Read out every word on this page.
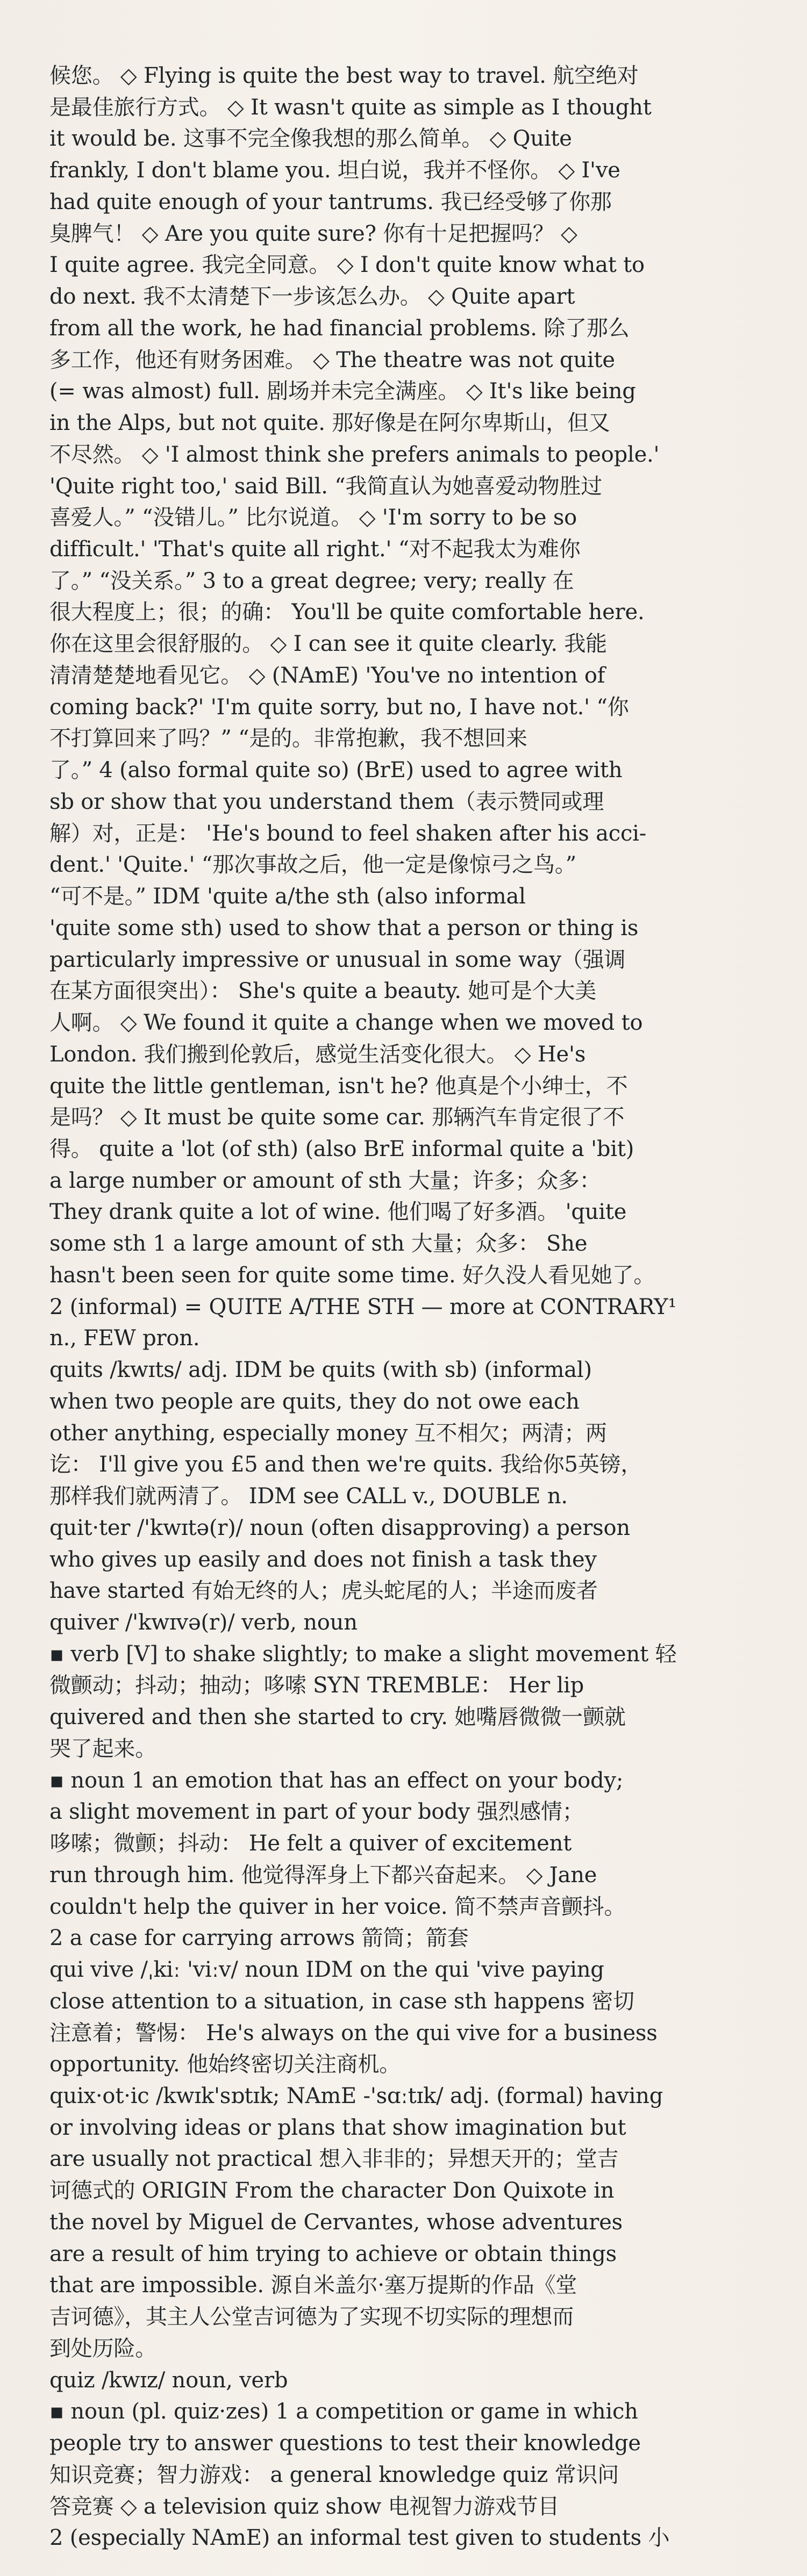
候您。 ◇ Flying is quite the best way to travel. 航空绝对
是最佳旅行方式。 ◇ It wasn't quite as simple as I thought
it would be. 这事不完全像我想的那么简单。 ◇ Quite
frankly, I don't blame you. 坦白说，我并不怪你。 ◇ I've
had quite enough of your tantrums. 我已经受够了你那
臭脾气！ ◇ Are you quite sure? 你有十足把握吗？ ◇
I quite agree. 我完全同意。 ◇ I don't quite know what to
do next. 我不太清楚下一步该怎么办。 ◇ Quite apart
from all the work, he had financial problems. 除了那么
多工作，他还有财务困难。 ◇ The theatre was not quite
(= was almost) full. 剧场并未完全满座。 ◇ It's like being
in the Alps, but not quite. 那好像是在阿尔卑斯山，但又
不尽然。 ◇ 'I almost think she prefers animals to people.'
'Quite right too,' said Bill. “我简直认为她喜爱动物胜过
喜爱人。” “没错儿。” 比尔说道。 ◇ 'I'm sorry to be so
difficult.' 'That's quite all right.' “对不起我太为难你
了。” “没关系。” 3 to a great degree; very; really 在
很大程度上；很；的确： You'll be quite comfortable here.
你在这里会很舒服的。 ◇ I can see it quite clearly. 我能
清清楚楚地看见它。 ◇ (NAmE) 'You've no intention of
coming back?' 'I'm quite sorry, but no, I have not.' “你
不打算回来了吗？” “是的。非常抱歉，我不想回来
了。” 4 (also formal quite so) (BrE) used to agree with
sb or show that you understand them（表示赞同或理
解）对，正是： 'He's bound to feel shaken after his acci-
dent.' 'Quite.' “那次事故之后，他一定是像惊弓之鸟。”
“可不是。” IDM 'quite a/the sth (also informal
'quite some sth) used to show that a person or thing is
particularly impressive or unusual in some way（强调
在某方面很突出）： She's quite a beauty. 她可是个大美
人啊。 ◇ We found it quite a change when we moved to
London. 我们搬到伦敦后，感觉生活变化很大。 ◇ He's
quite the little gentleman, isn't he? 他真是个小绅士，不
是吗？ ◇ It must be quite some car. 那辆汽车肯定很了不
得。 quite a 'lot (of sth) (also BrE informal quite a 'bit)
a large number or amount of sth 大量；许多；众多：
They drank quite a lot of wine. 他们喝了好多酒。 'quite
some sth 1 a large amount of sth 大量；众多： She
hasn't been seen for quite some time. 好久没人看见她了。
2 (informal) = QUITE A/THE STH — more at CONTRARY¹
n., FEW pron.
quits /kwɪts/ adj. IDM be quits (with sb) (informal)
when two people are quits, they do not owe each
other anything, especially money 互不相欠；两清；两
讫： I'll give you £5 and then we're quits. 我给你5英镑，
那样我们就两清了。 IDM see CALL v., DOUBLE n.
quit·ter /'kwɪtə(r)/ noun (often disapproving) a person
who gives up easily and does not finish a task they
have started 有始无终的人；虎头蛇尾的人；半途而废者
quiver /'kwɪvə(r)/ verb, noun
▪ verb [V] to shake slightly; to make a slight movement 轻
微颤动；抖动；抽动；哆嗦 SYN TREMBLE： Her lip
quivered and then she started to cry. 她嘴唇微微一颤就
哭了起来。
▪ noun 1 an emotion that has an effect on your body;
a slight movement in part of your body 强烈感情；
哆嗦；微颤；抖动： He felt a quiver of excitement
run through him. 他觉得浑身上下都兴奋起来。 ◇ Jane
couldn't help the quiver in her voice. 简不禁声音颤抖。
2 a case for carrying arrows 箭筒；箭套
qui vive /ˌkiː 'viːv/ noun IDM on the qui 'vive paying
close attention to a situation, in case sth happens 密切
注意着；警惕： He's always on the qui vive for a business
opportunity. 他始终密切关注商机。
quix·ot·ic /kwɪk'sɒtɪk; NAmE -'sɑːtɪk/ adj. (formal) having
or involving ideas or plans that show imagination but
are usually not practical 想入非非的；异想天开的；堂吉
诃德式的 ORIGIN From the character Don Quixote in
the novel by Miguel de Cervantes, whose adventures
are a result of him trying to achieve or obtain things
that are impossible. 源自米盖尔·塞万提斯的作品《堂
吉诃德》，其主人公堂吉诃德为了实现不切实际的理想而
到处历险。
quiz /kwɪz/ noun, verb
▪ noun (pl. quiz·zes) 1 a competition or game in which
people try to answer questions to test their knowledge
知识竞赛；智力游戏： a general knowledge quiz 常识问
答竞赛 ◇ a television quiz show 电视智力游戏节目
2 (especially NAmE) an informal test given to students 小
